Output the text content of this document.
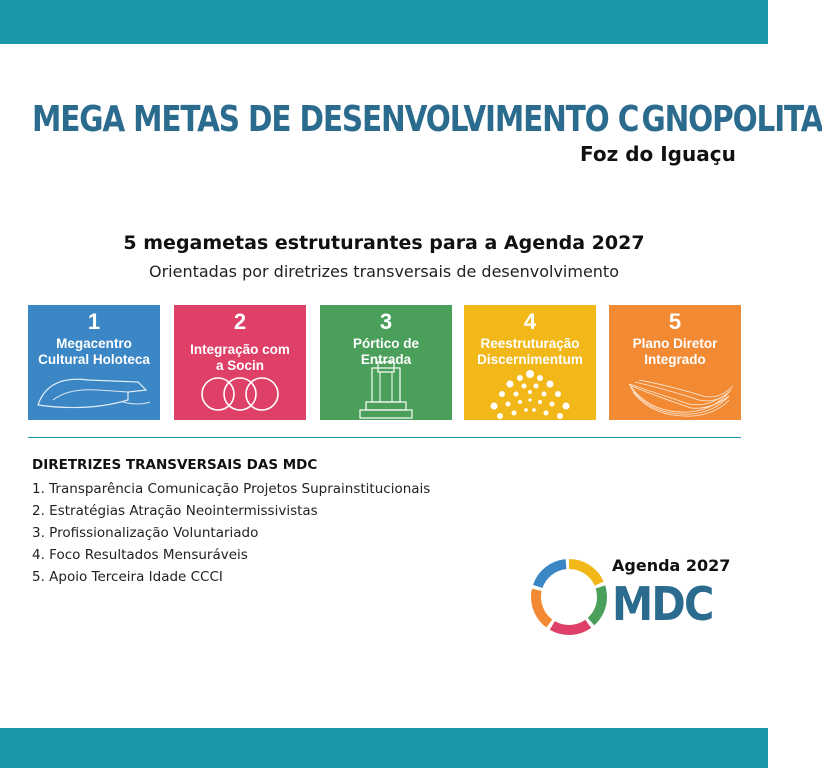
MEGA METAS DE DESENVOLVIMENTO C GNOPOLITA
Foz do Iguaçu
5 megametas estruturantes para a Agenda 2027
Orientadas por diretrizes transversais de desenvolvimento
1
Megacentro
Cultural Holoteca
2
Integração com
a Socin
3
Pórtico de
Entrada
4
Reestruturação
Discernimentum
5
Plano Diretor
Integrado
DIRETRIZES TRANSVERSAIS DAS MDC
1. Transparência Comunicação Projetos Suprainstitucionais
2. Estratégias Atração Neointermissivistas
3. Profissionalização Voluntariado
4. Foco Resultados Mensuráveis
5. Apoio Terceira Idade CCCI
Agenda 2027
MDC
